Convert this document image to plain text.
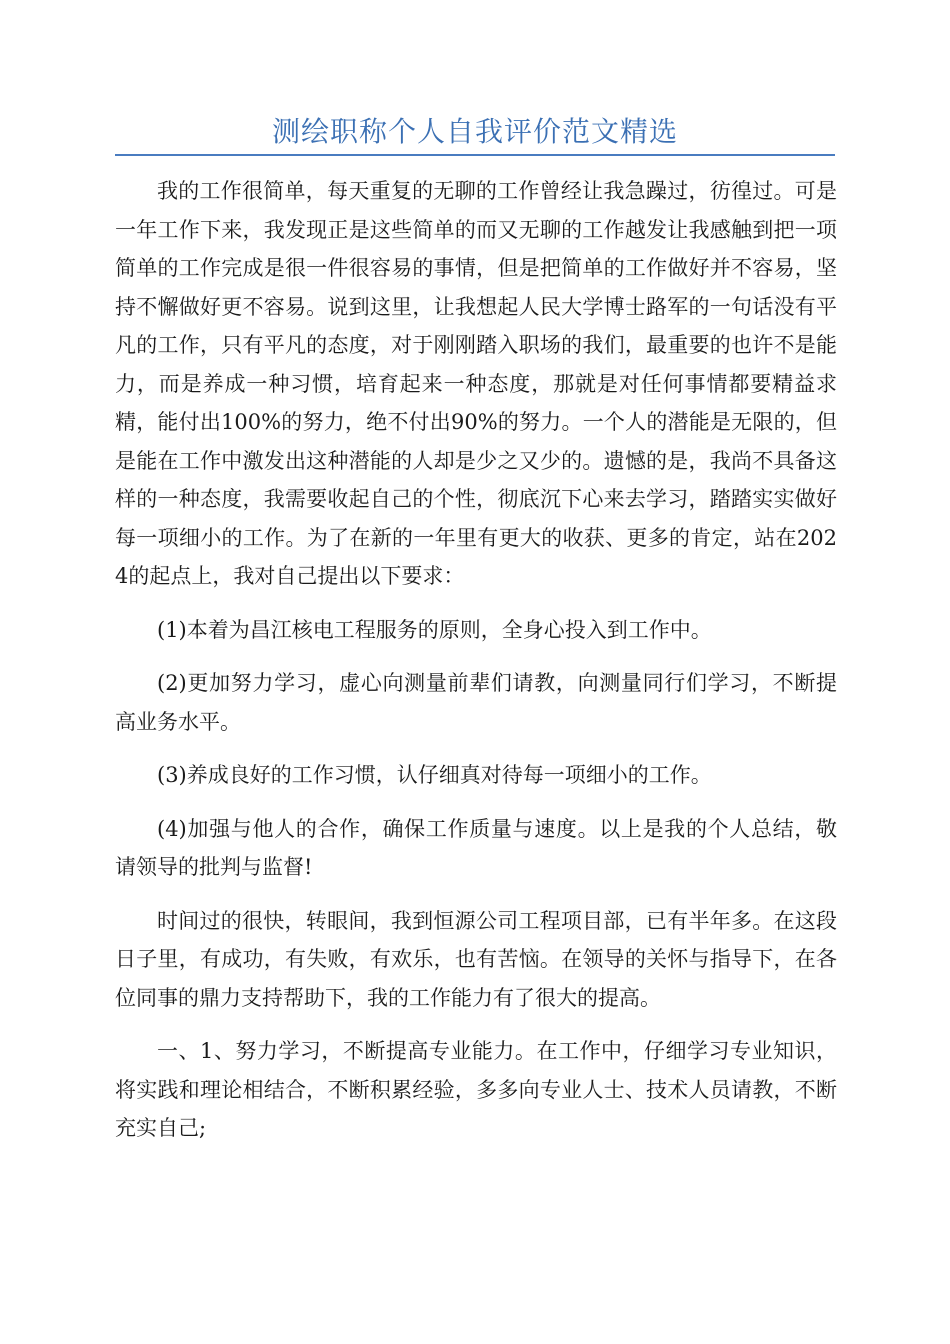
测绘职称个人自我评价范文精选

我的工作很简单，每天重复的无聊的工作曾经让我急躁过，彷徨过。可是一年工作下来，我发现正是这些简单的而又无聊的工作越发让我感触到把一项简单的工作完成是很一件很容易的事情，但是把简单的工作做好并不容易，坚持不懈做好更不容易。说到这里，让我想起人民大学博士路军的一句话没有平凡的工作，只有平凡的态度，对于刚刚踏入职场的我们，最重要的也许不是能力，而是养成一种习惯，培育起来一种态度，那就是对任何事情都要精益求精，能付出100%的努力，绝不付出90%的努力。一个人的潜能是无限的，但是能在工作中激发出这种潜能的人却是少之又少的。遗憾的是，我尚不具备这样的一种态度，我需要收起自己的个性，彻底沉下心来去学习，踏踏实实做好每一项细小的工作。为了在新的一年里有更大的收获、更多的肯定，站在2024的起点上，我对自己提出以下要求：

(1)本着为昌江核电工程服务的原则，全身心投入到工作中。

(2)更加努力学习，虚心向测量前辈们请教，向测量同行们学习，不断提高业务水平。

(3)养成良好的工作习惯，认仔细真对待每一项细小的工作。

(4)加强与他人的合作，确保工作质量与速度。以上是我的个人总结，敬请领导的批判与监督!

时间过的很快，转眼间，我到恒源公司工程项目部，已有半年多。在这段日子里，有成功，有失败，有欢乐，也有苦恼。在领导的关怀与指导下，在各位同事的鼎力支持帮助下，我的工作能力有了很大的提高。

一、1、努力学习，不断提高专业能力。在工作中，仔细学习专业知识，将实践和理论相结合，不断积累经验，多多向专业人士、技术人员请教，不断充实自己;
